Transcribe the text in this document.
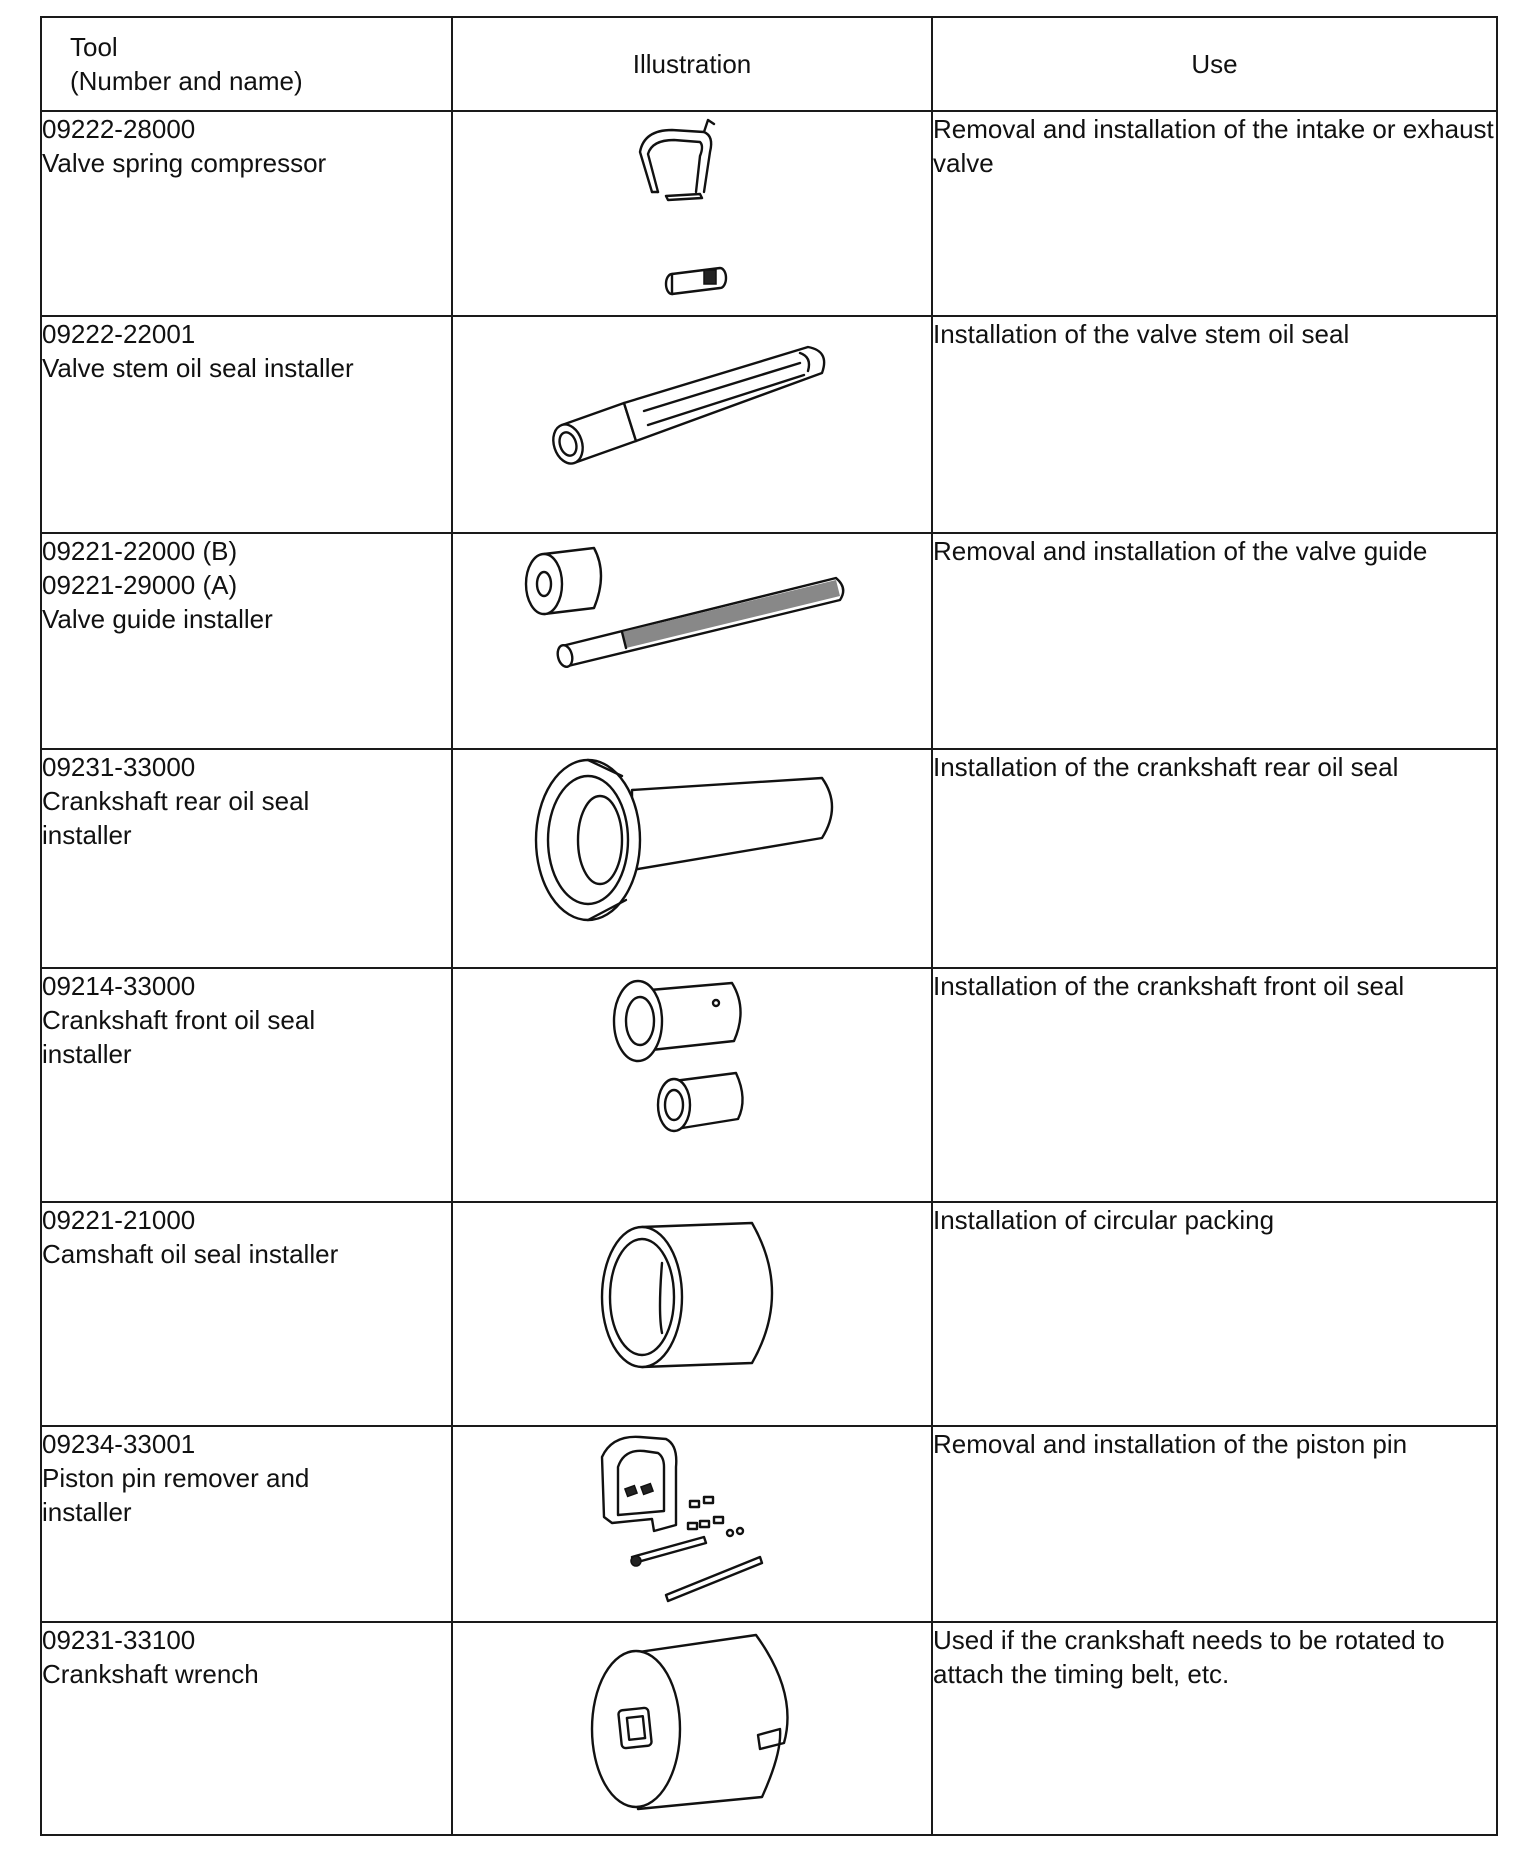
Tool
(Number and name)	Illustration	Use

09222-28000
Valve spring compressor		Removal and installation of the intake or exhaust valve

09222-22001
Valve stem oil seal installer		Installation of the valve stem oil seal

09221-22000 (B)
09221-29000 (A)
Valve guide installer		Removal and installation of the valve guide

09231-33000
Crankshaft rear oil seal
installer		Installation of the crankshaft rear oil seal

09214-33000
Crankshaft front oil seal
installer		Installation of the crankshaft front oil seal

09221-21000
Camshaft oil seal installer		Installation of circular packing

09234-33001
Piston pin remover and
installer		Removal and installation of the piston pin

09231-33100
Crankshaft wrench		Used if the crankshaft needs to be rotated to attach the timing belt, etc.
